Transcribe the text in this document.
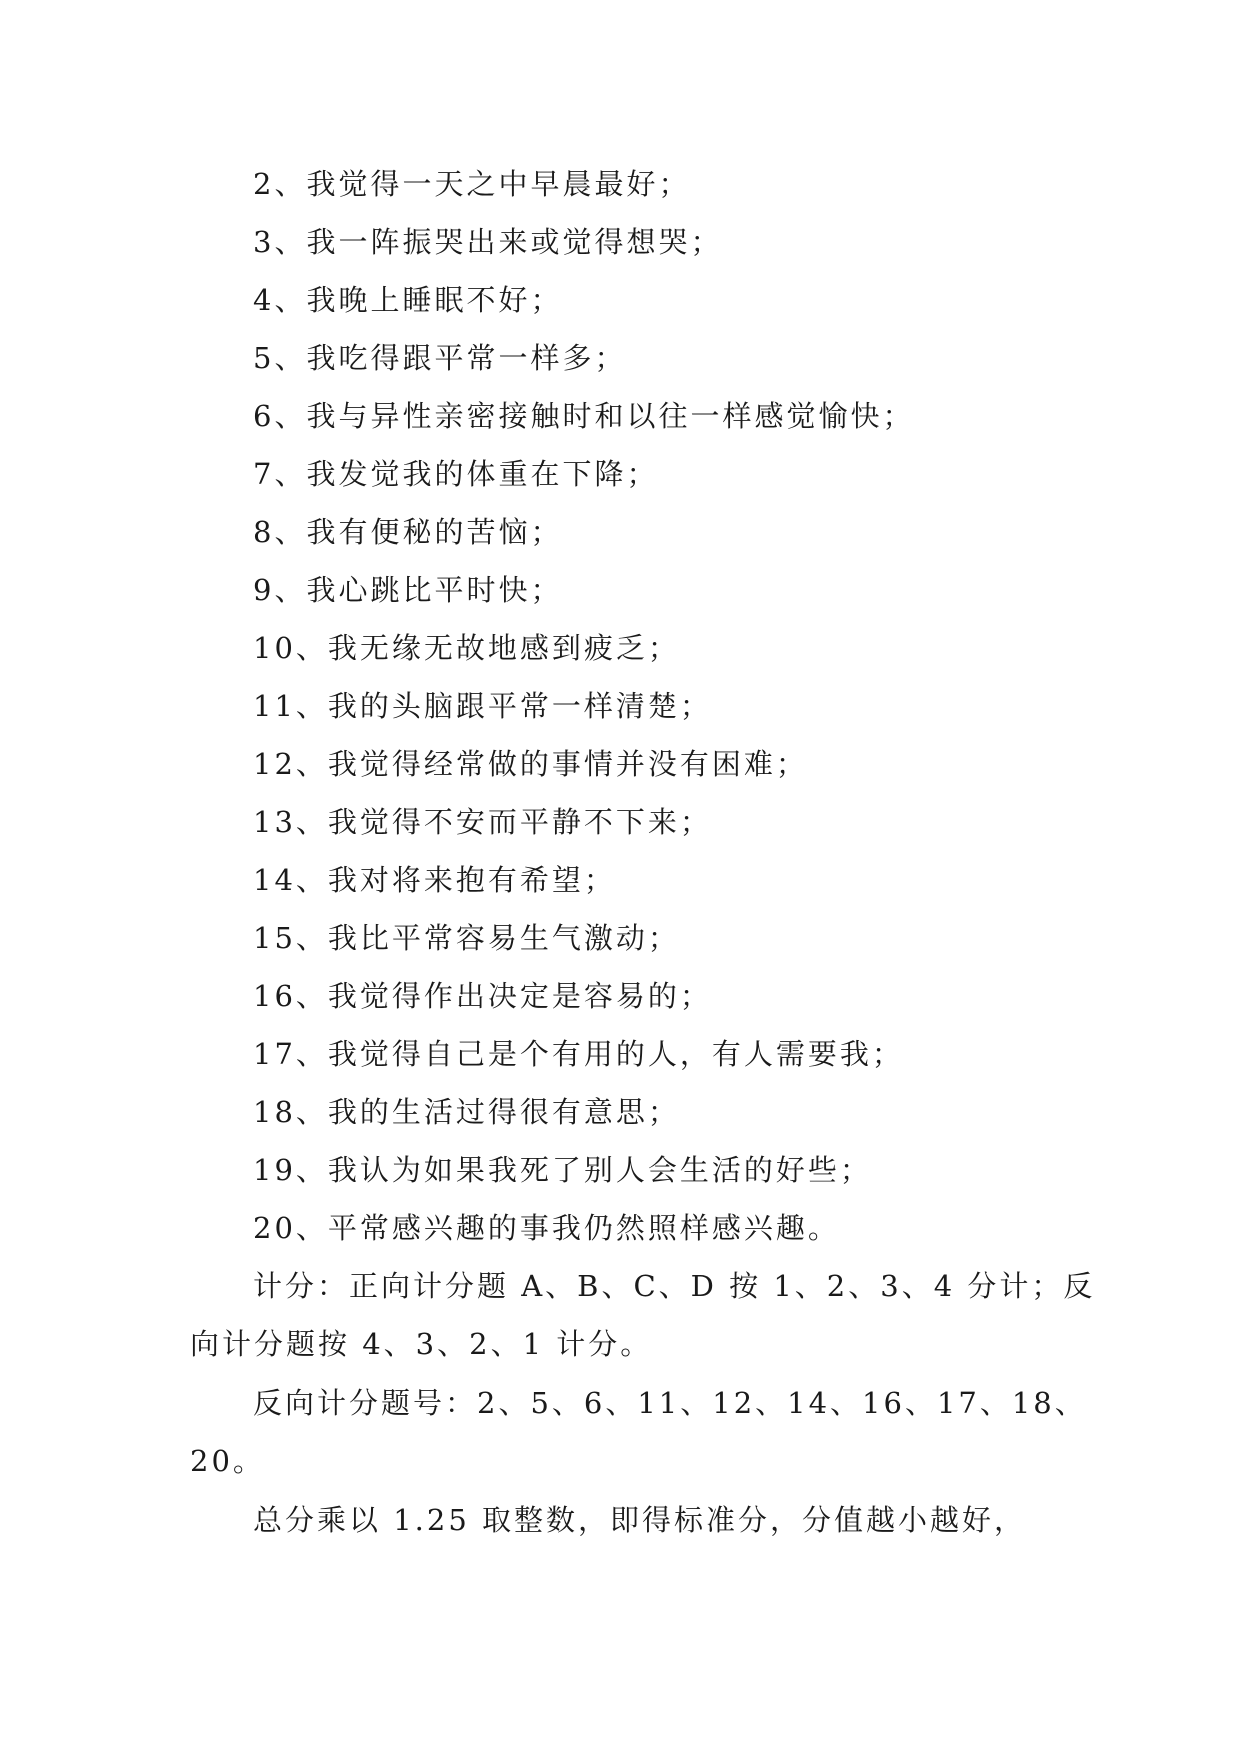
2、我觉得一天之中早晨最好；
3、我一阵振哭出来或觉得想哭；
4、我晚上睡眠不好；
5、我吃得跟平常一样多；
6、我与异性亲密接触时和以往一样感觉愉快；
7、我发觉我的体重在下降；
8、我有便秘的苦恼；
9、我心跳比平时快；
10、我无缘无故地感到疲乏；
11、我的头脑跟平常一样清楚；
12、我觉得经常做的事情并没有困难；
13、我觉得不安而平静不下来；
14、我对将来抱有希望；
15、我比平常容易生气激动；
16、我觉得作出决定是容易的；
17、我觉得自己是个有用的人，有人需要我；
18、我的生活过得很有意思；
19、我认为如果我死了别人会生活的好些；
20、平常感兴趣的事我仍然照样感兴趣。
计分：正向计分题 A、B、C、D 按 1、2、3、4 分计；反
向计分题按 4、3、2、1 计分。
反向计分题号：2、5、6、11、12、14、16、17、18、
20。
总分乘以 1.25 取整数，即得标准分，分值越小越好，
